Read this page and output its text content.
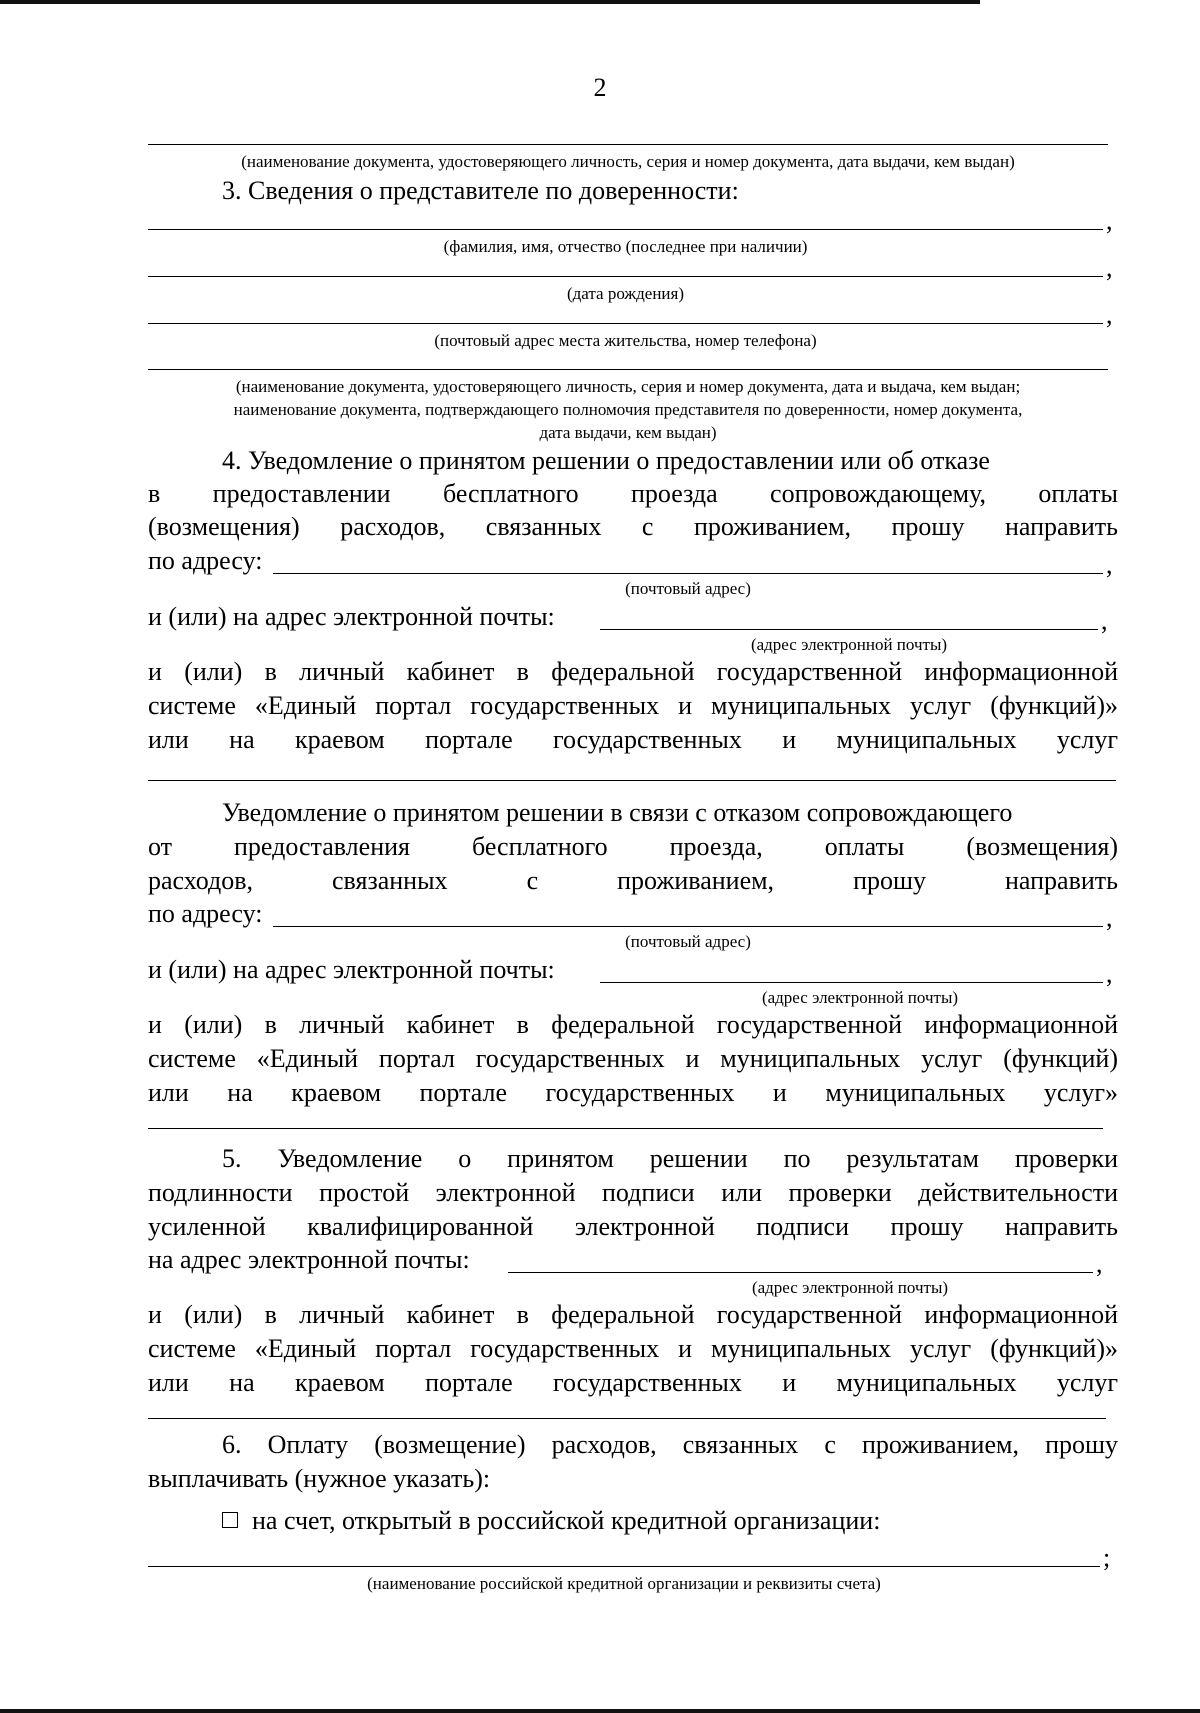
2
(наименование документа, удостоверяющего личность, серия и номер документа, дата выдачи, кем выдан)
3. Сведения о представителе по доверенности:
,
(фамилия, имя, отчество (последнее при наличии)
,
(дата рождения)
,
(почтовый адрес места жительства, номер телефона)
(наименование документа, удостоверяющего личность, серия и номер документа, дата и выдача, кем выдан;
наименование документа, подтверждающего полномочия представителя по доверенности, номер документа,
дата выдачи, кем выдан)
4. Уведомление о принятом решении о предоставлении или об отказе
в предоставлении бесплатного проезда сопровождающему, оплаты
(возмещения) расходов, связанных с проживанием, прошу направить
по адресу:	,
(почтовый адрес)
и (или) на адрес электронной почты:	,
(адрес электронной почты)
и (или) в личный кабинет в федеральной государственной информационной
системе «Единый портал государственных и муниципальных услуг (функций)»
или на краевом портале государственных и муниципальных услуг
Уведомление о принятом решении в связи с отказом сопровождающего
от предоставления бесплатного проезда, оплаты (возмещения)
расходов, связанных с проживанием, прошу направить
по адресу:	,
(почтовый адрес)
и (или) на адрес электронной почты:	,
(адрес электронной почты)
и (или) в личный кабинет в федеральной государственной информационной
системе «Единый портал государственных и муниципальных услуг (функций)
или на краевом портале государственных и муниципальных услуг»
5. Уведомление о принятом решении по результатам проверки
подлинности простой электронной подписи или проверки действительности
усиленной квалифицированной электронной подписи прошу направить
на адрес электронной почты:	,
(адрес электронной почты)
и (или) в личный кабинет в федеральной государственной информационной
системе «Единый портал государственных и муниципальных услуг (функций)»
или на краевом портале государственных и муниципальных услуг
6. Оплату (возмещение) расходов, связанных с проживанием, прошу
выплачивать (нужное указать):
на счет, открытый в российской кредитной организации:
;
(наименование российской кредитной организации и реквизиты счета)
